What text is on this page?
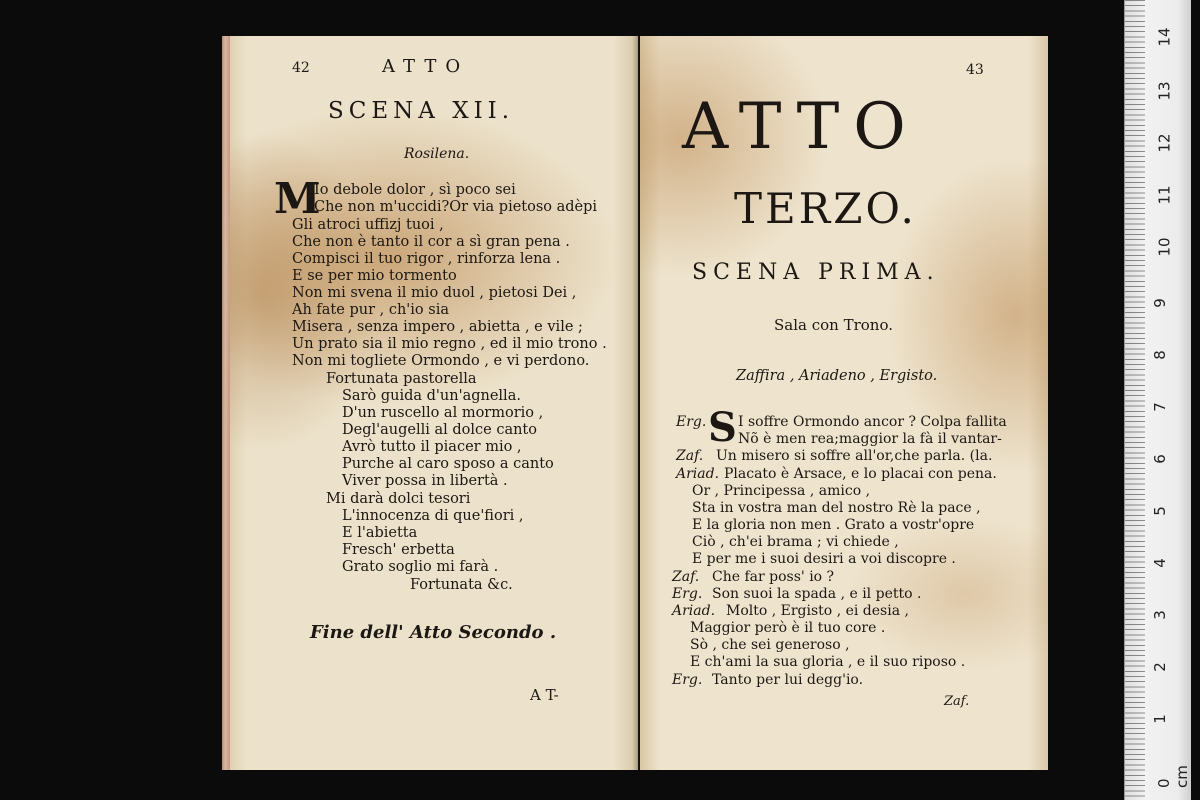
42	ATTO
SCENA XII.
Rosilena.
M
Io debole dolor , sì poco sei
Che non m'uccidi?Or via pietoso adèpi
Gli atroci uffizj tuoi ,
Che non è tanto il cor a sì gran pena .
Compisci il tuo rigor , rinforza lena .
E se per mio tormento
Non mi svena il mio duol , pietosi Dei ,
Ah fate pur , ch'io sia
Misera , senza impero , abietta , e vile ;
Un prato sia il mio regno , ed il mio trono .
Non mi togliete Ormondo , e vi perdono.
Fortunata pastorella
Sarò guida d'un'agnella.
D'un ruscello al mormorio ,
Degl'augelli al dolce canto
Avrò tutto il piacer mio ,
Purche al caro sposo a canto
Viver possa in libertà .
Mi darà dolci tesori
L'innocenza di que'fiori ,
E l'abietta
Fresch' erbetta
Grato soglio mi farà .
Fortunata &c.
Fine dell' Atto Secondo .
A T-
43
ATTO
TERZO.
SCENA PRIMA.
Sala con Trono.
Zaffira , Ariadeno , Ergisto.
S
Erg. I soffre Ormondo ancor ? Colpa fallita
Nõ è men rea;maggior la fà il vantar-
Zaf. Un misero si soffre all'or,che parla. (la.
Ariad. Placato è Arsace, e lo placai con pena.
Or , Principessa , amico ,
Sta in vostra man del nostro Rè la pace ,
E la gloria non men . Grato a vostr'opre
Ciò , ch'ei brama ; vi chiede ,
E per me i suoi desiri a voi discopre .
Zaf. Che far poss' io ?
Erg. Son suoi la spada , e il petto .
Ariad. Molto , Ergisto , ei desia ,
Maggior però è il tuo core .
Sò , che sei generoso ,
E ch'ami la sua gloria , e il suo riposo .
Erg. Tanto per lui degg'io.
Zaf.
0 cm
1
2
3
4
5
6
7
8
9
10
11
12
13
14
